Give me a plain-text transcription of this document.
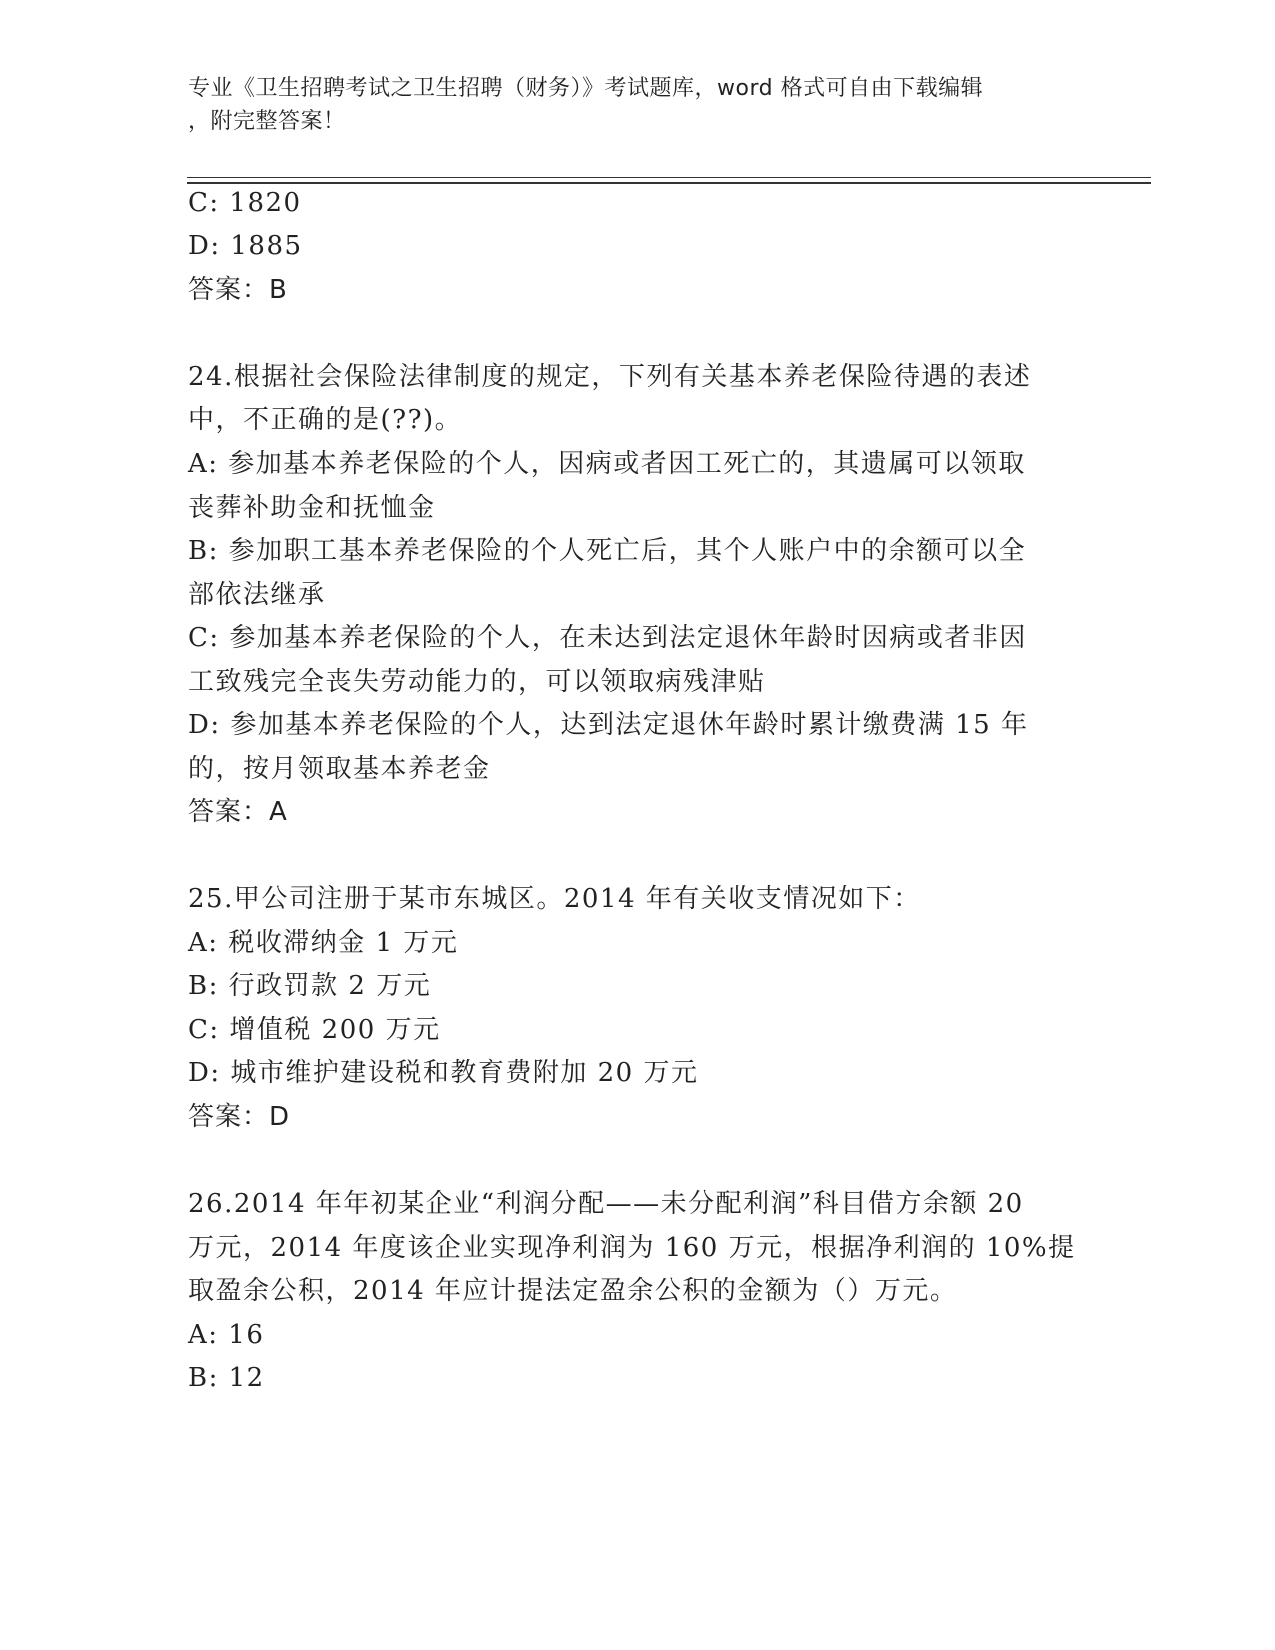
专业《卫生招聘考试之卫生招聘（财务）》考试题库，word 格式可自由下载编辑
，附完整答案！
C: 1820
D: 1885
答案：B
24.根据社会保险法律制度的规定，下列有关基本养老保险待遇的表述
中，不正确的是(??)。
A: 参加基本养老保险的个人，因病或者因工死亡的，其遗属可以领取
丧葬补助金和抚恤金
B: 参加职工基本养老保险的个人死亡后，其个人账户中的余额可以全
部依法继承
C: 参加基本养老保险的个人，在未达到法定退休年龄时因病或者非因
工致残完全丧失劳动能力的，可以领取病残津贴
D: 参加基本养老保险的个人，达到法定退休年龄时累计缴费满 15 年
的，按月领取基本养老金
答案：A
25.甲公司注册于某市东城区。2014 年有关收支情况如下：
A: 税收滞纳金 1 万元
B: 行政罚款 2 万元
C: 增值税 200 万元
D: 城市维护建设税和教育费附加 20 万元
答案：D
26.2014 年年初某企业“利润分配——未分配利润”科目借方余额 20
万元，2014 年度该企业实现净利润为 160 万元，根据净利润的 10%提
取盈余公积，2014 年应计提法定盈余公积的金额为（）万元。
A: 16
B: 12
